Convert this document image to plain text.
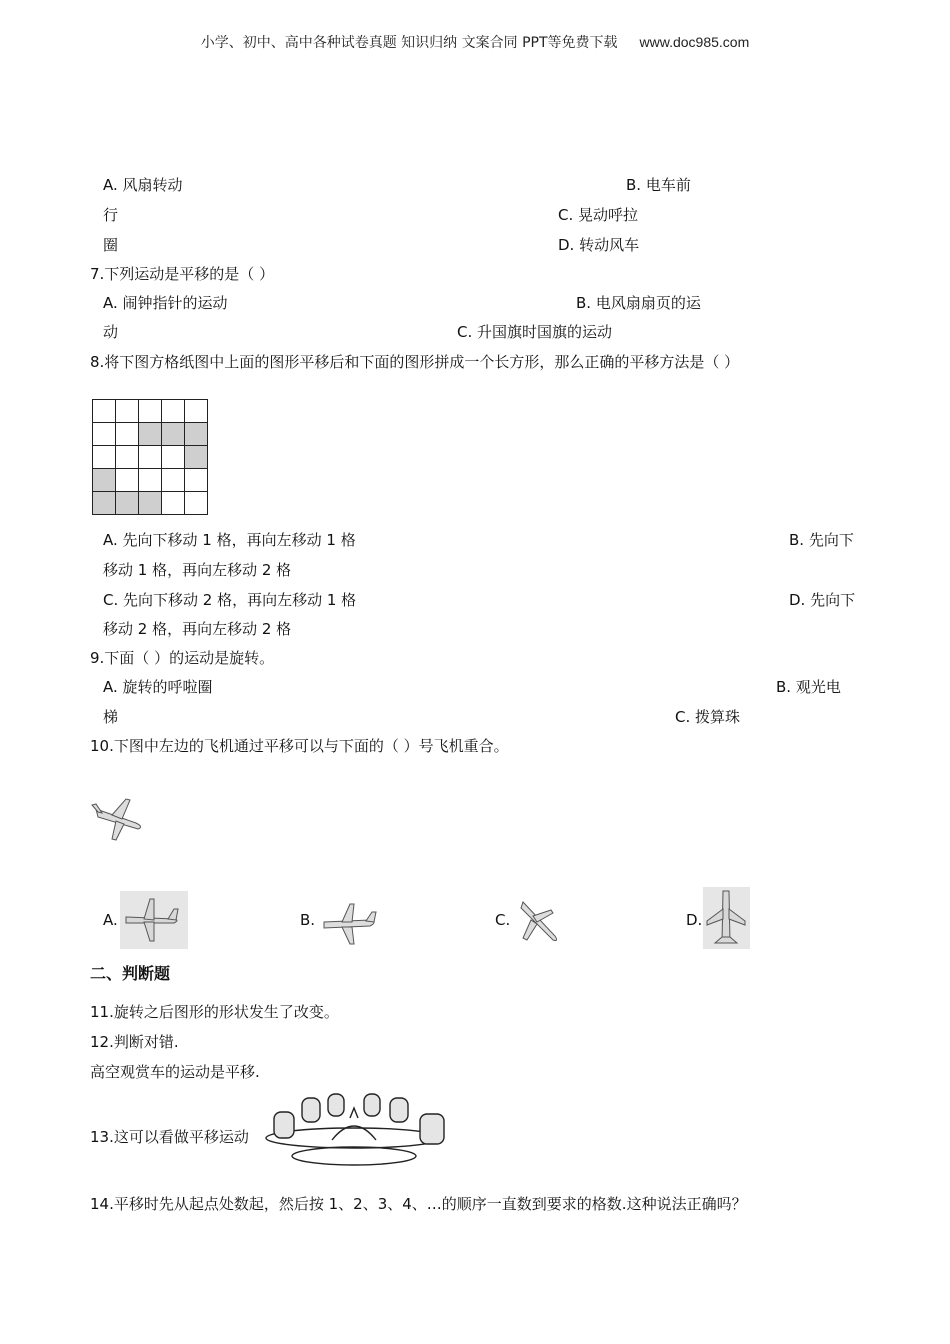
小学、初中、高中各种试卷真题 知识归纳 文案合同 PPT等免费下载 www.doc985.com
A. 风扇转动	B. 电车前
行	C. 晃动呼拉
圈	D. 转动风车
7.下列运动是平移的是（ ）
A. 闹钟指针的运动	B. 电风扇扇页的运
动	C. 升国旗时国旗的运动
8.将下图方格纸图中上面的图形平移后和下面的图形拼成一个长方形，那么正确的平移方法是（ ）

A. 先向下移动 1 格，再向左移动 1 格	B. 先向下
移动 1 格，再向左移动 2 格
C. 先向下移动 2 格，再向左移动 1 格	D. 先向下
移动 2 格，再向左移动 2 格
9.下面（ ）的运动是旋转。
A. 旋转的呼啦圈	B. 观光电
梯	C. 拨算珠
10.下图中左边的飞机通过平移可以与下面的（ ）号飞机重合。
A.	B.	C.	D.
二、判断题
11.旋转之后图形的形状发生了改变。
12.判断对错.
高空观赏车的运动是平移.
13.这可以看做平移运动
14.平移时先从起点处数起，然后按 1、2、3、4、…的顺序一直数到要求的格数.这种说法正确吗？
